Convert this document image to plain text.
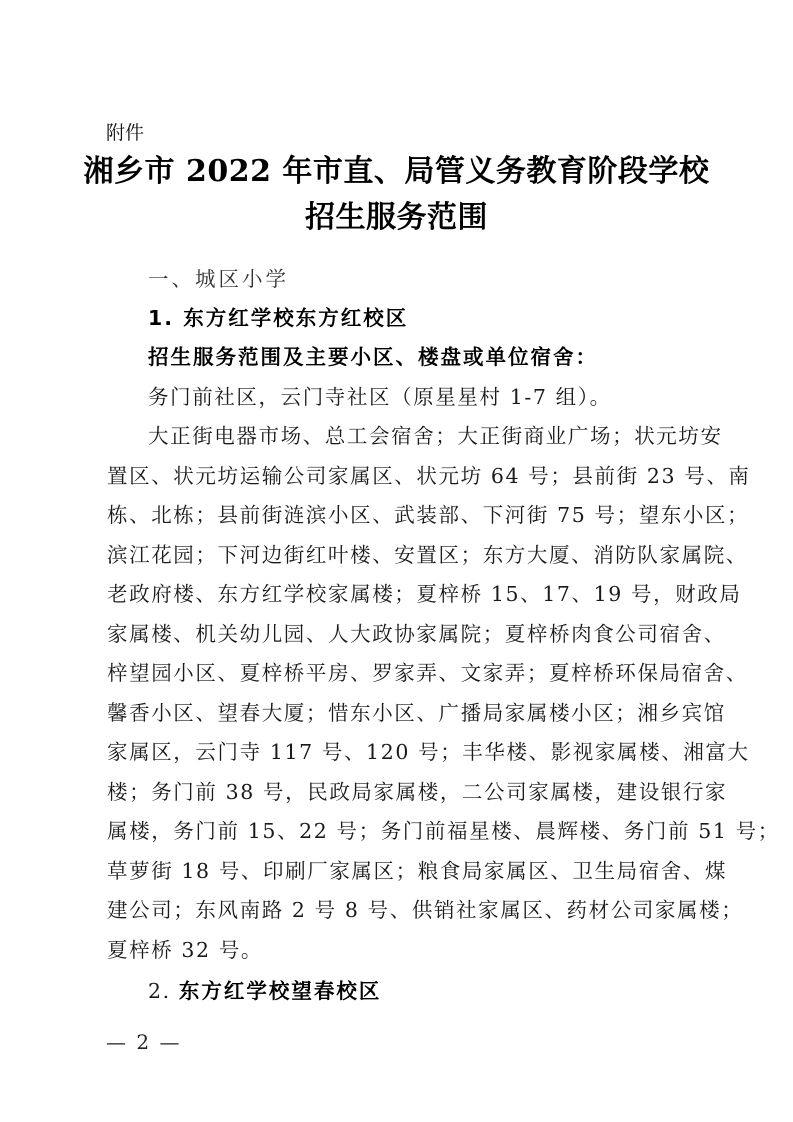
附件
湘乡市 2022 年市直、局管义务教育阶段学校
招生服务范围
一、城区小学
1. 东方红学校东方红校区
招生服务范围及主要小区、楼盘或单位宿舍：
务门前社区，云门寺社区（原星星村 1-7 组）。
大正街电器市场、总工会宿舍；大正街商业广场；状元坊安
置区、状元坊运输公司家属区、状元坊 64 号；县前街 23 号、南
栋、北栋；县前街涟滨小区、武装部、下河街 75 号；望东小区；
滨江花园；下河边街红叶楼、安置区；东方大厦、消防队家属院、
老政府楼、东方红学校家属楼；夏梓桥 15、17、19 号，财政局
家属楼、机关幼儿园、人大政协家属院；夏梓桥肉食公司宿舍、
梓望园小区、夏梓桥平房、罗家弄、文家弄；夏梓桥环保局宿舍、
馨香小区、望春大厦；惜东小区、广播局家属楼小区；湘乡宾馆
家属区，云门寺 117 号、120 号；丰华楼、影视家属楼、湘富大
楼；务门前 38 号，民政局家属楼，二公司家属楼，建设银行家
属楼，务门前 15、22 号；务门前福星楼、晨辉楼、务门前 51 号；
草萝街 18 号、印刷厂家属区；粮食局家属区、卫生局宿舍、煤
建公司；东风南路 2 号 8 号、供销社家属区、药材公司家属楼；
夏梓桥 32 号。
2. 东方红学校望春校区
— 2 —
